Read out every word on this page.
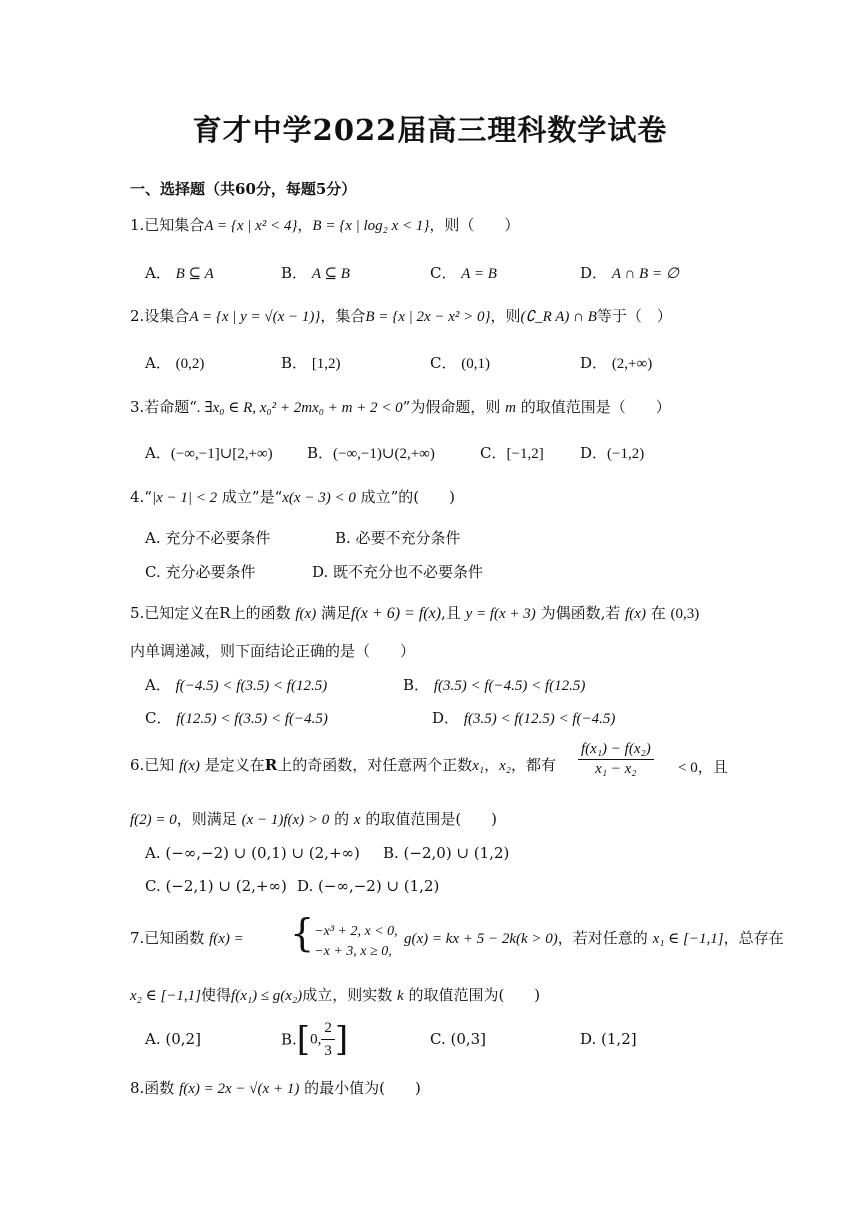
育才中学2022届高三理科数学试卷
一、选择题（共60分，每题5分）
1.已知集合A = {x | x² < 4}，B = {x | log₂ x < 1}，则（　　）
A． B ⊆ A	B． A ⊆ B	C． A = B	D． A ∩ B = ∅
2.设集合A = {x | y = √(x − 1)}，集合B = {x | 2x − x² > 0}，则(∁_R A) ∩ B等于（　）
A． (0,2)	B． [1,2)	C． (0,1)	D． (2,+∞)
3.若命题“. ∃x₀ ∈ R, x₀² + 2mx₀ + m + 2 < 0”为假命题，则 m 的取值范围是（　　）
A．(−∞,−1]∪[2,+∞) B．(−∞,−1)∪(2,+∞)	C．[−1,2] D．(−1,2)
4.“|x − 1| < 2 成立”是“x(x − 3) < 0 成立”的(　　)
A. 充分不必要条件	B. 必要不充分条件
C. 充分必要条件	D. 既不充分也不必要条件
5.已知定义在R上的函数 f(x) 满足f(x + 6) = f(x),且 y = f(x + 3) 为偶函数,若 f(x) 在 (0,3)
内单调递减，则下面结论正确的是（　　）
A． f(−4.5) < f(3.5) < f(12.5)	B． f(3.5) < f(−4.5) < f(12.5)
C． f(12.5) < f(3.5) < f(−4.5)	D． f(3.5) < f(12.5) < f(−4.5)
6.已知 f(x) 是定义在R上的奇函数，对任意两个正数x₁，x₂，都有 $\frac{\text{f(x₁) − f(x₂)}}{\text{x₁ − x₂}} < 0$，且
f(2) = 0，则满足 (x − 1)f(x) > 0 的 x 的取值范围是(　　)
A. (−∞,−2) ∪ (0,1) ∪ (2,+∞) B. (−2,0) ∪ (1,2)
C. (−2,1) ∪ (2,+∞) D. (−∞,−2) ∪ (1,2)
7.已知函数 f(x) = { −x³ + 2, x < 0,
−x + 3, x ≥ 0,
g(x) = kx + 5 − 2k(k > 0)，若对任意的 x₁ ∈ [−1,1]，总存在
x₂ ∈ [−1,1]使得f(x₁) ≤ g(x₂)成立，则实数 k 的取值范围为(　　)
A. (0,2]	B.[0, $\frac{2}{3}$ ]	C. (0,3]	D. (1,2]
8.函数 f(x) = 2x − √(x + 1) 的最小值为(　　)
